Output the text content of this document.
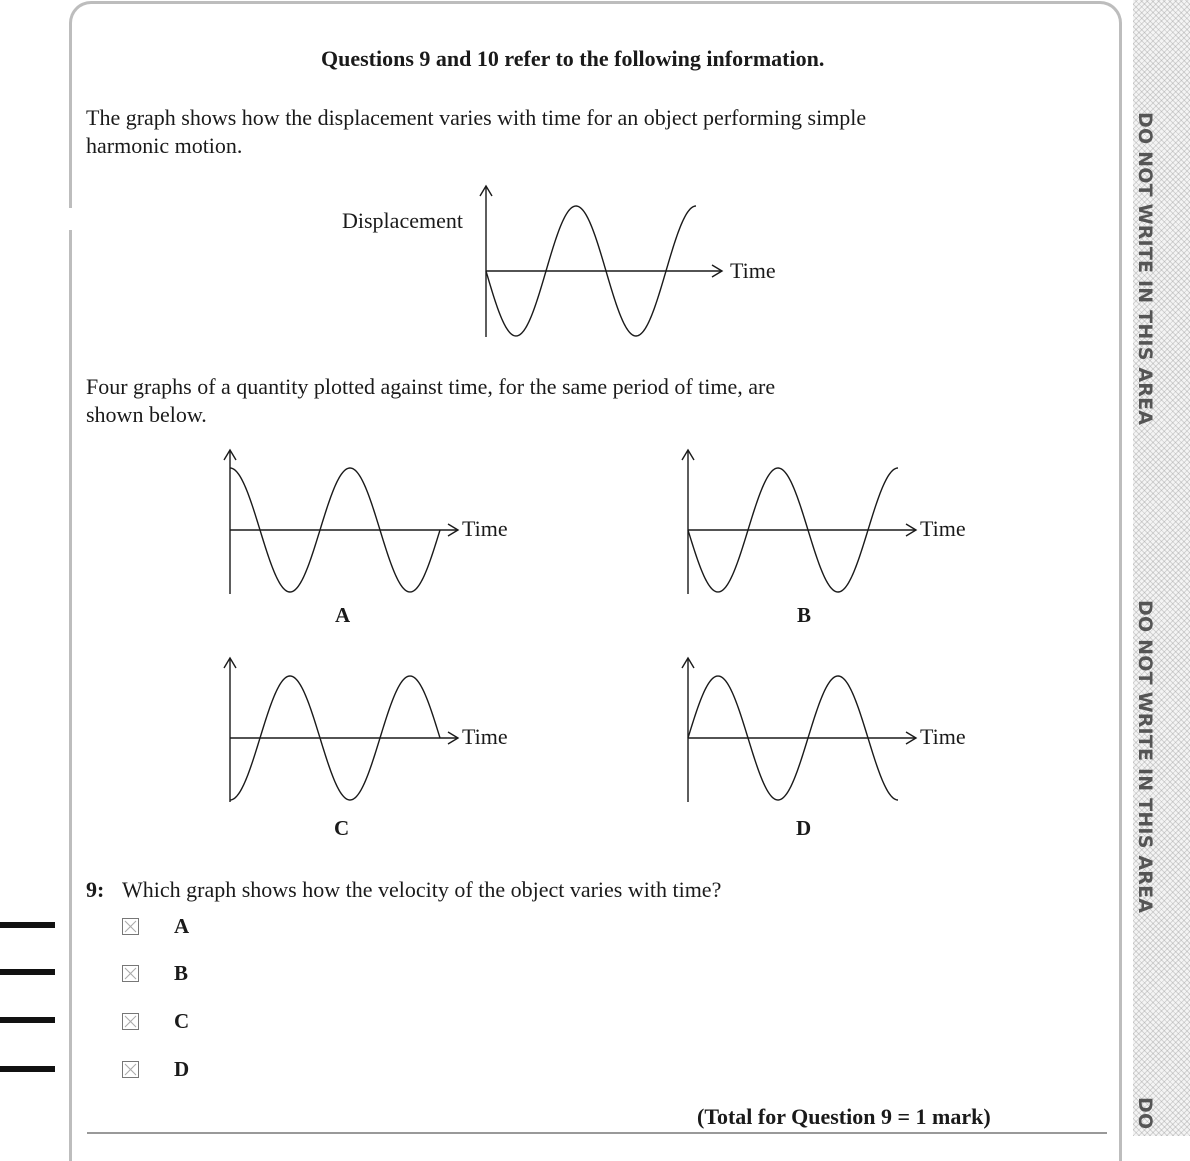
DO NOT WRITE IN THIS AREA
DO NOT WRITE IN THIS AREA
DO
Questions 9 and 10 refer to the following information.
The graph shows how the displacement varies with time for an object performing simple
harmonic motion.
Displacement
Time
Four graphs of a quantity plotted against time, for the same period of time, are
shown below.
Time
A
Time
B
Time
C
Time
D
9: Which graph shows how the velocity of the object varies with time?
A
B
C
D
(Total for Question 9 = 1 mark)
